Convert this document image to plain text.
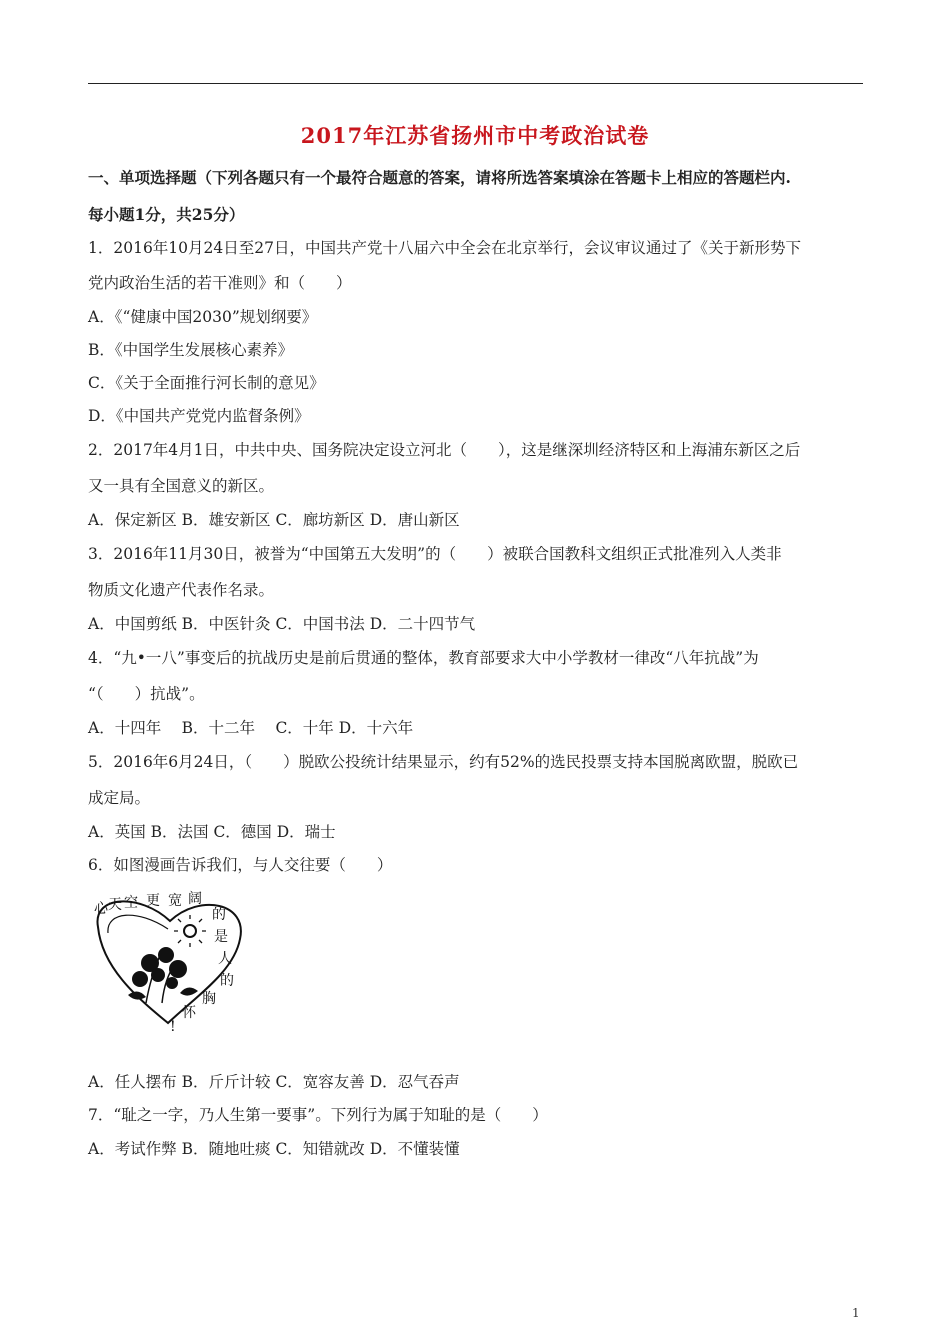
2017年江苏省扬州市中考政治试卷
一、单项选择题（下列各题只有一个最符合题意的答案，请将所选答案填涂在答题卡上相应的答题栏内.
每小题1分，共25分）
1．2016年10月24日至27日，中国共产党十八届六中全会在北京举行，会议审议通过了《关于新形势下
党内政治生活的若干准则》和（　　）
A．《“健康中国2030”规划纲要》
B．《中国学生发展核心素养》
C．《关于全面推行河长制的意见》
D．《中国共产党党内监督条例》
2．2017年4月1日，中共中央、国务院决定设立河北（　　），这是继深圳经济特区和上海浦东新区之后
又一具有全国意义的新区。
A．保定新区 B．雄安新区 C．廊坊新区 D．唐山新区
3．2016年11月30日，被誉为“中国第五大发明”的（　　）被联合国教科文组织正式批准列入人类非
物质文化遗产代表作名录。
A．中国剪纸 B．中医针灸 C．中国书法 D．二十四节气
4．“九•一八”事变后的抗战历史是前后贯通的整体，教育部要求大中小学教材一律改“八年抗战”为
“（　　）抗战”。
A．十四年　 B．十二年　 C．十年 D．十六年
5．2016年6月24日，（　　）脱欧公投统计结果显示，约有52%的选民投票支持本国脱离欧盟，脱欧已
成定局。
A．英国 B．法国 C．德国 D．瑞士
6．如图漫画告诉我们，与人交往要（　　）
心 天 空 更 宽 阔
的
是
人
的
胸
怀
!
A．任人摆布 B．斤斤计较 C．宽容友善 D．忍气吞声
7．“耻之一字，乃人生第一要事”。下列行为属于知耻的是（　　）
A．考试作弊 B．随地吐痰 C．知错就改 D．不懂装懂
1
